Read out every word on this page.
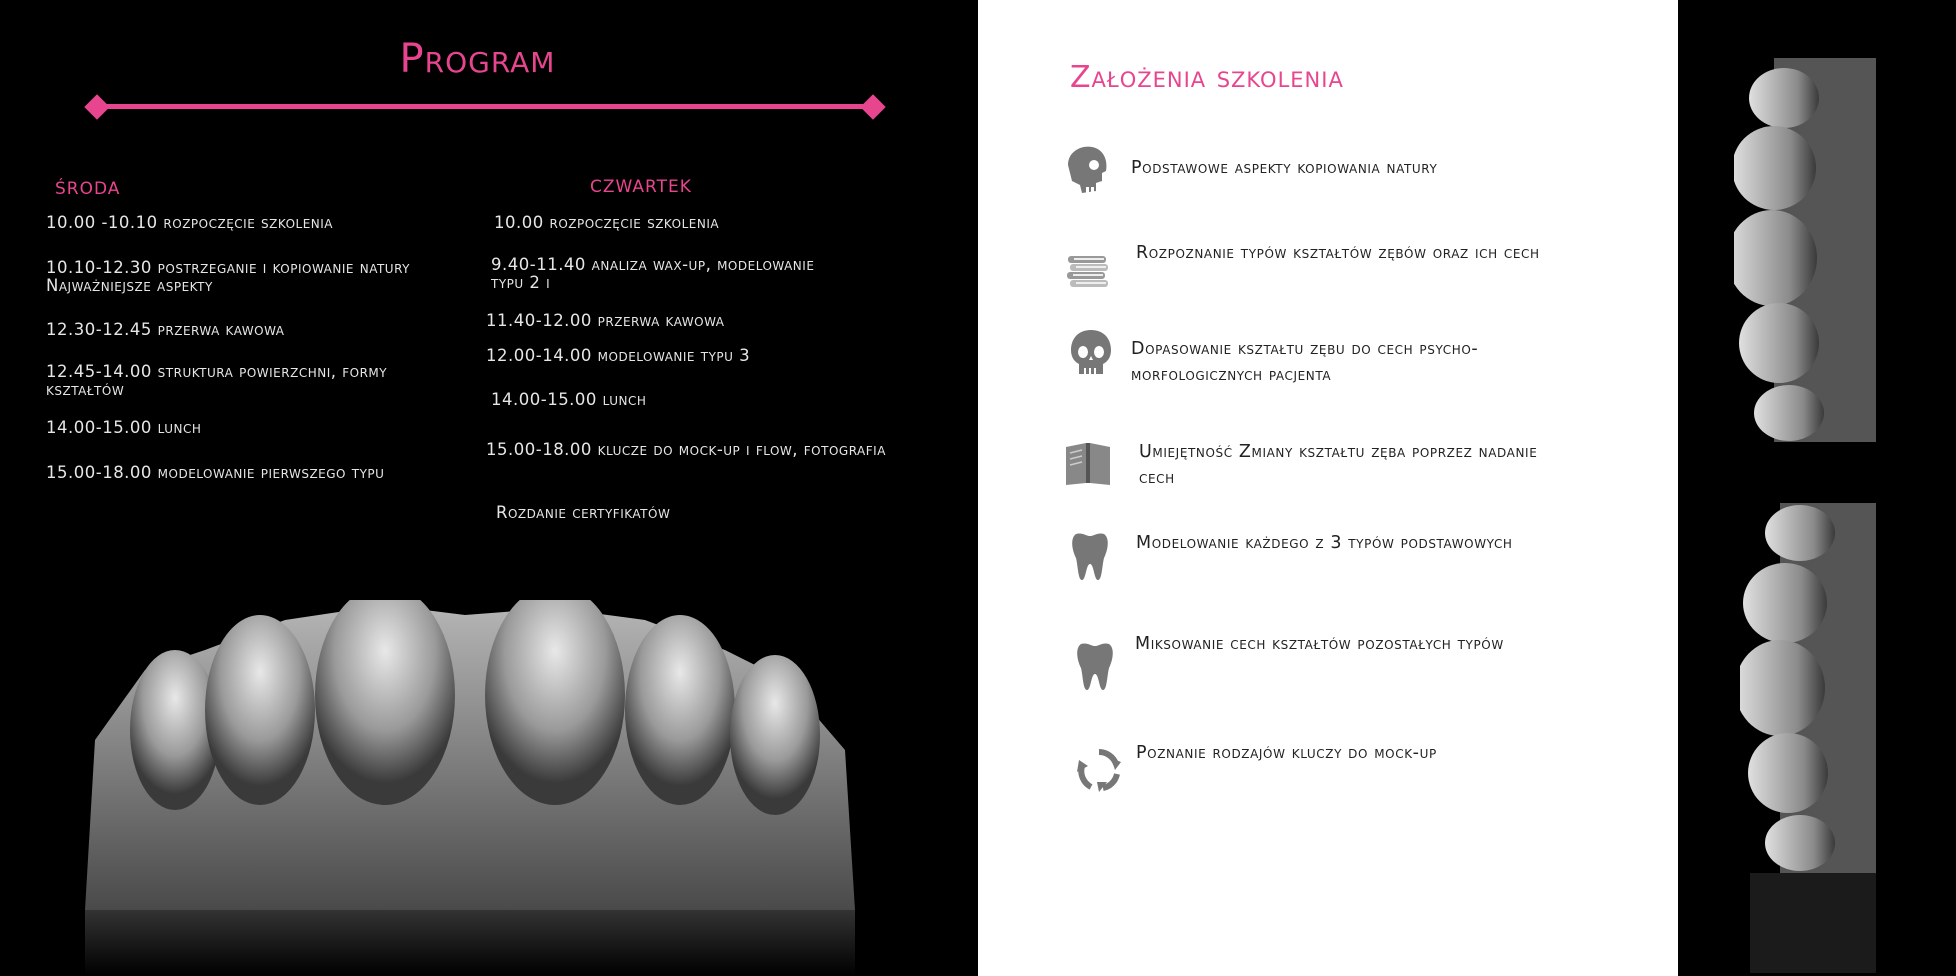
Program
środa	czwartek
10.00 -10.10 rozpoczęcie szkolenia
10.10-12.30 postrzeganie i kopiowanie natury Najważniejsze aspekty
12.30-12.45 przerwa kawowa
12.45-14.00 struktura powierzchni, formy kształtów
14.00-15.00 lunch
15.00-18.00 modelowanie pierwszego typu
10.00 rozpoczęcie szkolenia
9.40-11.40 analiza wax-up, modelowanie typu 2 i
11.40-12.00 przerwa kawowa
12.00-14.00 modelowanie typu 3
14.00-15.00 lunch
15.00-18.00 klucze do mock-up i flow, fotografia
Rozdanie certyfikatów
Założenia szkolenia
Podstawowe aspekty kopiowania natury
Rozpoznanie typów kształtów zębów oraz ich cech
Dopasowanie kształtu zębu do cech psycho-morfologicznych pacjenta
Umiejętność Zmiany kształtu zęba poprzez nadanie cech
Modelowanie każdego z 3 typów podstawowych
Miksowanie cech kształtów pozostałych typów
Poznanie rodzajów kluczy do mock-up
